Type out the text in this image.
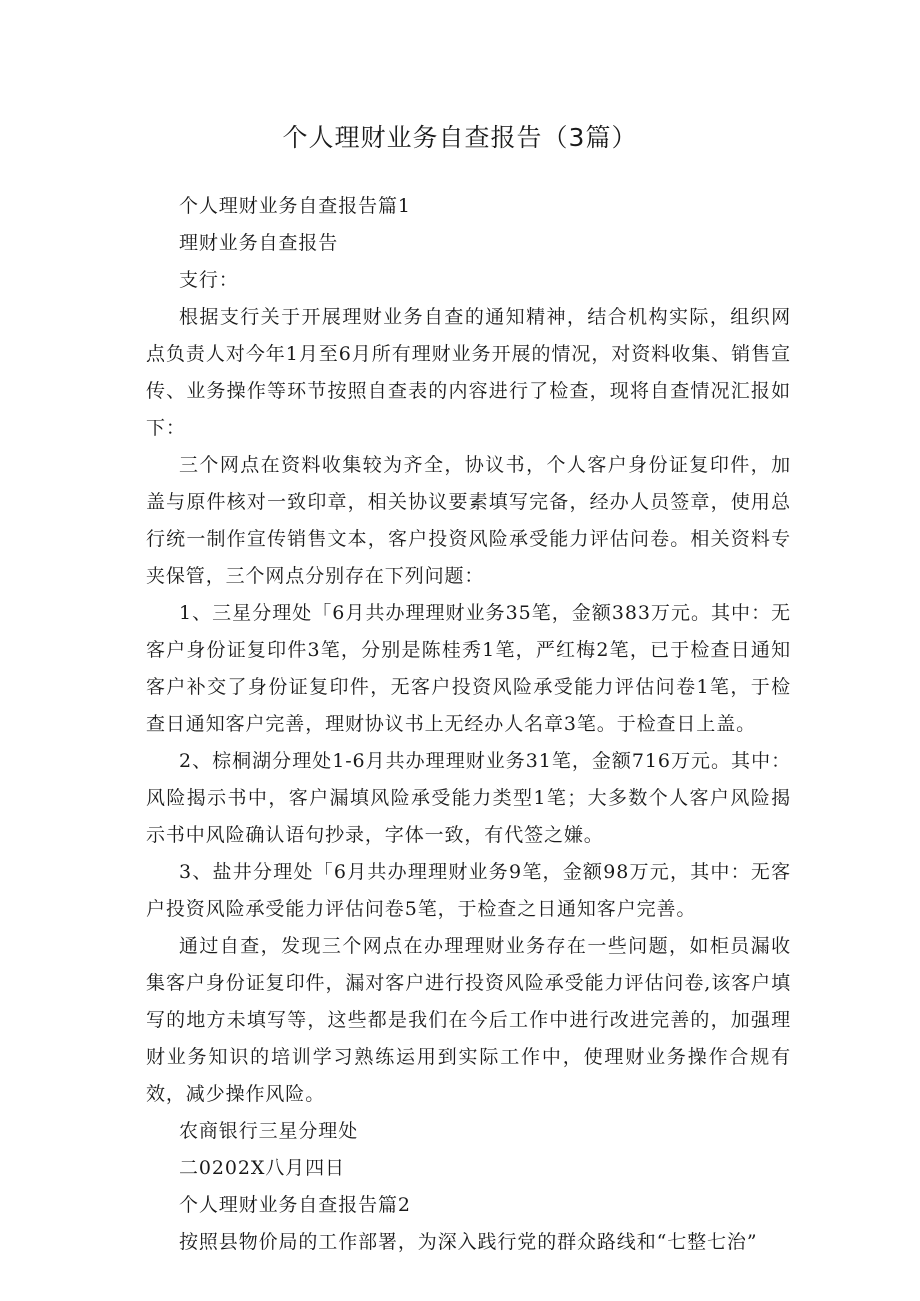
个人理财业务自查报告（3篇）

个人理财业务自查报告篇1

理财业务自查报告

支行：

根据支行关于开展理财业务自查的通知精神，结合机构实际，组织网点负责人对今年1月至6月所有理财业务开展的情况，对资料收集、销售宣传、业务操作等环节按照自查表的内容进行了检查，现将自查情况汇报如下：

三个网点在资料收集较为齐全，协议书，个人客户身份证复印件，加盖与原件核对一致印章，相关协议要素填写完备，经办人员签章，使用总行统一制作宣传销售文本，客户投资风险承受能力评估问卷。相关资料专夹保管，三个网点分别存在下列问题：

1、三星分理处「6月共办理理财业务35笔，金额383万元。其中：无客户身份证复印件3笔，分别是陈桂秀1笔，严红梅2笔，已于检查日通知客户补交了身份证复印件，无客户投资风险承受能力评估问卷1笔，于检查日通知客户完善，理财协议书上无经办人名章3笔。于检查日上盖。

2、棕桐湖分理处1-6月共办理理财业务31笔，金额716万元。其中：风险揭示书中，客户漏填风险承受能力类型1笔；大多数个人客户风险揭示书中风险确认语句抄录，字体一致，有代签之嫌。

3、盐井分理处「6月共办理理财业务9笔，金额98万元，其中：无客户投资风险承受能力评估问卷5笔，于检查之日通知客户完善。

通过自查，发现三个网点在办理理财业务存在一些问题，如柜员漏收集客户身份证复印件，漏对客户进行投资风险承受能力评估问卷,该客户填写的地方未填写等，这些都是我们在今后工作中进行改进完善的，加强理财业务知识的培训学习熟练运用到实际工作中，使理财业务操作合规有效，减少操作风险。

农商银行三星分理处

二0202X八月四日

个人理财业务自查报告篇2

按照县物价局的工作部署，为深入践行党的群众路线和“七整七治”
